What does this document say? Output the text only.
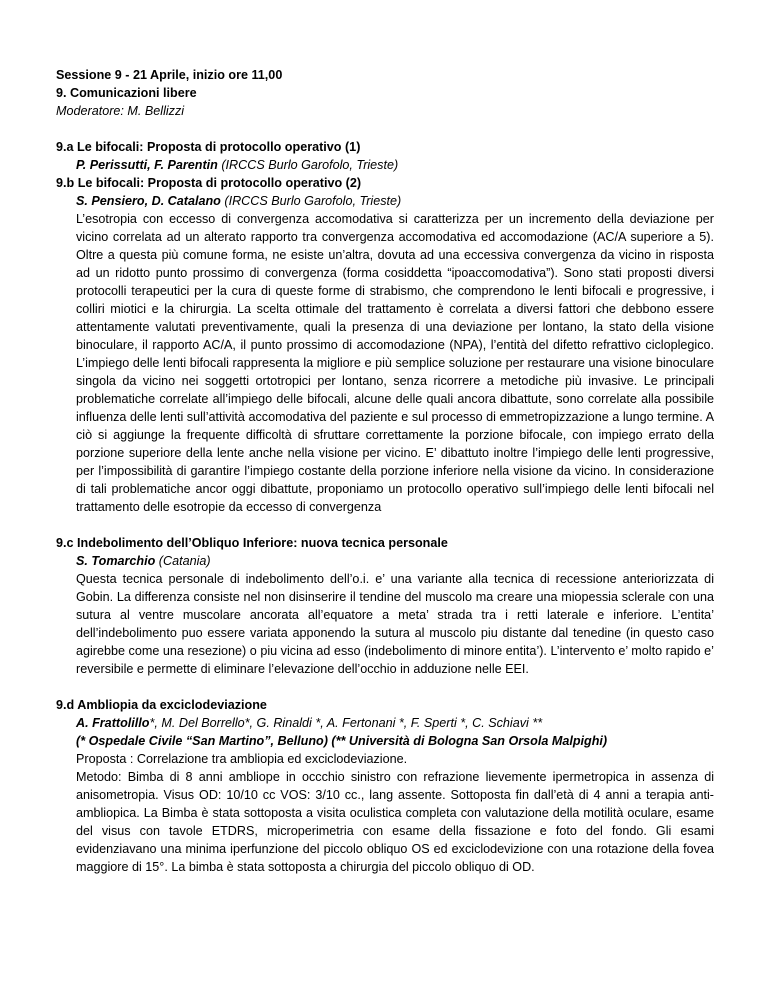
Sessione 9 - 21 Aprile, inizio ore 11,00
9. Comunicazioni libere
Moderatore: M. Bellizzi
9.a Le bifocali: Proposta di protocollo operativo (1)
P. Perissutti, F. Parentin (IRCCS Burlo Garofolo, Trieste)
9.b Le bifocali: Proposta di protocollo operativo (2)
S. Pensiero, D. Catalano (IRCCS Burlo Garofolo, Trieste)

L’esotropia con eccesso di convergenza accomodativa si caratterizza per un incremento della deviazione per vicino correlata ad un alterato rapporto tra convergenza accomodativa ed accomodazione (AC/A superiore a 5). Oltre a questa più comune forma, ne esiste un’altra, dovuta ad una eccessiva convergenza da vicino in risposta ad un ridotto punto prossimo di convergenza (forma cosiddetta “ipoaccomodativa”). Sono stati proposti diversi protocolli terapeutici per la cura di queste forme di strabismo, che comprendono le lenti bifocali e progressive, i colliri miotici e la chirurgia. La scelta ottimale del trattamento è correlata a diversi fattori che debbono essere attentamente valutati preventivamente, quali la presenza di una deviazione per lontano, la stato della visione binoculare, il rapporto AC/A, il punto prossimo di accomodazione (NPA), l’entità del difetto refrattivo cicloplegico. L’impiego delle lenti bifocali rappresenta la migliore e più semplice soluzione per restaurare una visione binoculare singola da vicino nei soggetti ortotropici per lontano, senza ricorrere a metodiche più invasive. Le principali problematiche correlate all’impiego delle bifocali, alcune delle quali ancora dibattute, sono correlate alla possibile influenza delle lenti sull’attività accomodativa del paziente e sul processo di emmetropizzazione a lungo termine. A ciò si aggiunge la frequente difficoltà di sfruttare correttamente la porzione bifocale, con impiego errato della porzione superiore della lente anche nella visione per vicino. E’ dibattuto inoltre l’impiego delle lenti progressive, per l’impossibilità di garantire l’impiego costante della porzione inferiore nella visione da vicino. In considerazione di tali problematiche ancor oggi dibattute, proponiamo un protocollo operativo sull’impiego delle lenti bifocali nel trattamento delle esotropie da eccesso di convergenza

9.c Indebolimento dell’Obliquo Inferiore: nuova tecnica personale
S. Tomarchio (Catania)

Questa tecnica personale di indebolimento dell’o.i. e’ una variante alla tecnica di recessione anteriorizzata di Gobin. La differenza consiste nel non disinserire il tendine del muscolo ma creare una miopessia sclerale con una sutura al ventre muscolare ancorata all’equatore a meta’ strada tra i retti laterale e inferiore. L’entita’ dell’indebolimento puo essere variata apponendo la sutura al muscolo piu distante dal tenedine (in questo caso agirebbe come una resezione) o piu vicina ad esso (indebolimento di minore entita’). L’intervento e’ molto rapido e’ reversibile e permette di eliminare l’elevazione dell’occhio in adduzione nelle EEI.

9.d Ambliopia da exciclodeviazione
A. Frattolillo*, M. Del Borrello*, G. Rinaldi *, A. Fertonani *, F. Sperti *, C. Schiavi **
(* Ospedale Civile “San Martino”, Belluno) (** Università di Bologna San Orsola Malpighi)

Proposta : Correlazione tra ambliopia ed exciclodeviazione.

Metodo: Bimba di 8 anni ambliope in occchio sinistro con refrazione lievemente ipermetropica in assenza di anisometropia. Visus OD: 10/10 cc VOS: 3/10 cc., lang assente. Sottoposta fin dall’età di 4 anni a terapia anti-ambliopica. La Bimba è stata sottoposta a visita oculistica completa con valutazione della motilità oculare, esame del visus con tavole ETDRS, microperimetria con esame della fissazione e foto del fondo. Gli esami evidenziavano una minima iperfunzione del piccolo obliquo OS ed exciclodevizione con una rotazione della fovea maggiore di 15°. La bimba è stata sottoposta a chirurgia del piccolo obliquo di OD.
